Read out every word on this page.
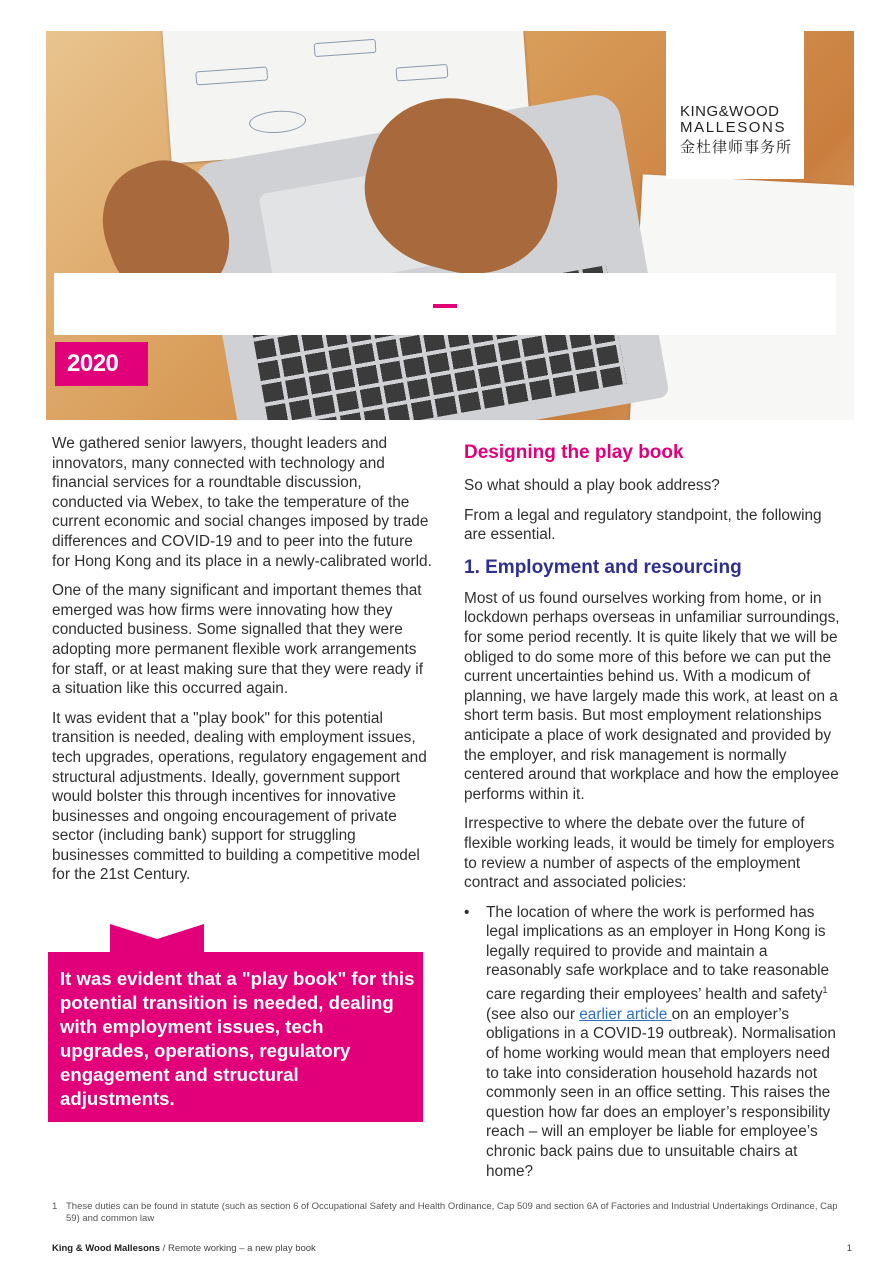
KING&WOOD
MALLESONS
金杜律师事务所
2020

We gathered senior lawyers, thought leaders and innovators, many connected with technology and financial services for a roundtable discussion, conducted via Webex, to take the temperature of the current economic and social changes imposed by trade differences and COVID-19 and to peer into the future for Hong Kong and its place in a newly-calibrated world.

One of the many significant and important themes that emerged was how firms were innovating how they conducted business. Some signalled that they were adopting more permanent flexible work arrangements for staff, or at least making sure that they were ready if a situation like this occurred again.

It was evident that a "play book" for this potential transition is needed, dealing with employment issues, tech upgrades, operations, regulatory engagement and structural adjustments. Ideally, government support would bolster this through incentives for innovative businesses and ongoing encouragement of private sector (including bank) support for struggling businesses committed to building a competitive model for the 21st Century.

It was evident that a "play book" for this potential transition is needed, dealing with employment issues, tech upgrades, operations, regulatory engagement and structural adjustments.
Designing the play book

So what should a play book address?

From a legal and regulatory standpoint, the following are essential.

1. Employment and resourcing

Most of us found ourselves working from home, or in lockdown perhaps overseas in unfamiliar surroundings, for some period recently. It is quite likely that we will be obliged to do some more of this before we can put the current uncertainties behind us. With a modicum of planning, we have largely made this work, at least on a short term basis. But most employment relationships anticipate a place of work designated and provided by the employer, and risk management is normally centered around that workplace and how the employee performs within it.

Irrespective to where the debate over the future of flexible working leads, it would be timely for employers to review a number of aspects of the employment contract and associated policies:

• The location of where the work is performed has legal implications as an employer in Hong Kong is legally required to provide and maintain a reasonably safe workplace and to take reasonable care regarding their employees’ health and safety$^1$ (see also our earlier article on an employer’s obligations in a COVID-19 outbreak). Normalisation of home working would mean that employers need to take into consideration household hazards not commonly seen in an office setting. This raises the question how far does an employer’s responsibility reach – will an employer be liable for employee’s chronic back pains due to unsuitable chairs at home?
1 These duties can be found in statute (such as section 6 of Occupational Safety and Health Ordinance, Cap 509 and section 6A of Factories and Industrial Undertakings Ordinance, Cap 59) and common law
King & Wood Mallesons / Remote working – a new play book	1
